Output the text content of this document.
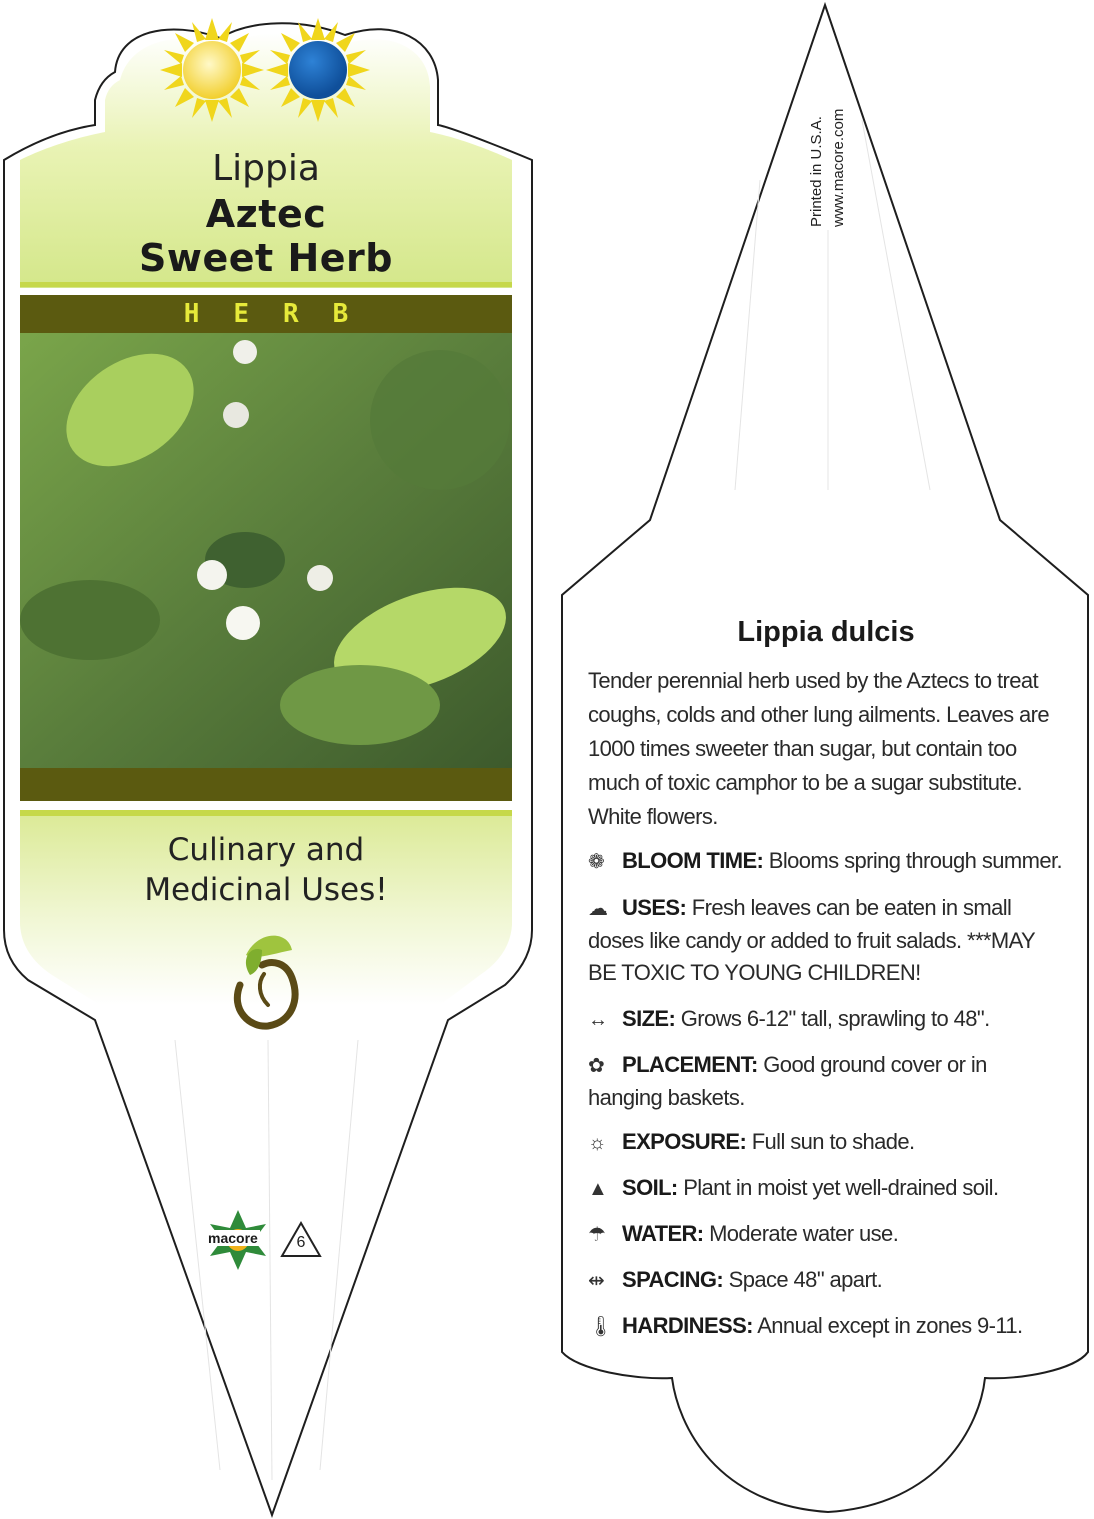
Lippia
Aztec
Sweet Herb
HERB
Culinary and
Medicinal Uses!
macore 6
Printed in U.S.A. www.macore.com
Lippia dulcis
Tender perennial herb used by the Aztecs to treat coughs, colds and other lung ailments. Leaves are 1000 times sweeter than sugar, but contain too much of toxic camphor to be a sugar substitute. White flowers.
❁ BLOOM TIME: Blooms spring through summer.
☁ USES: Fresh leaves can be eaten in small doses like candy or added to fruit salads. ***MAY BE TOXIC TO YOUNG CHILDREN!
↔ SIZE: Grows 6-12" tall, sprawling to 48".
✿ PLACEMENT: Good ground cover or in hanging baskets.
☼ EXPOSURE: Full sun to shade.
▲ SOIL: Plant in moist yet well-drained soil.
☂ WATER: Moderate water use.
⇹ SPACING: Space 48" apart.
🌡 HARDINESS: Annual except in zones 9-11.
